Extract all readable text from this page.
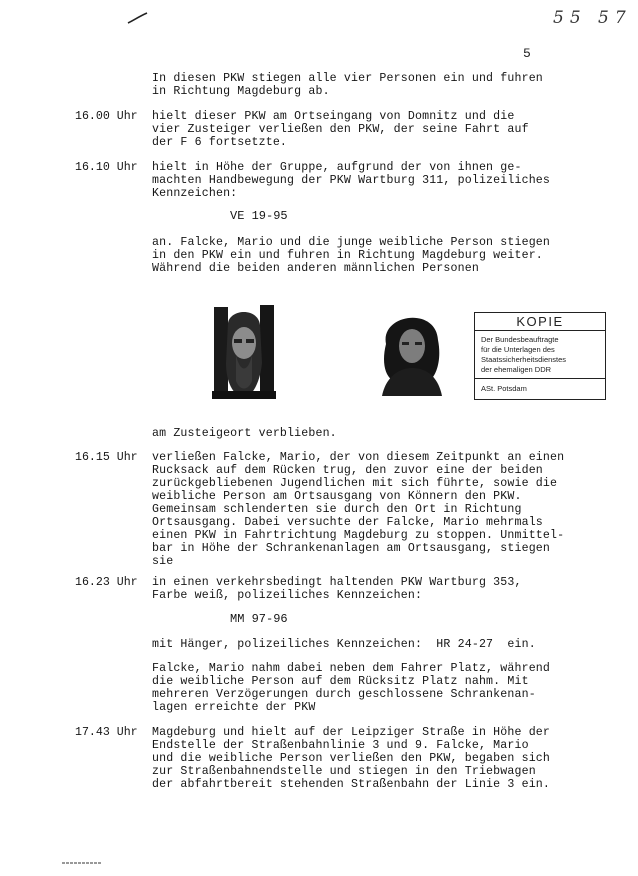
55 57
5
In diesen PKW stiegen alle vier Personen ein und fuhren
in Richtung Magdeburg ab.
16.00 Uhr hielt dieser PKW am Ortseingang von Domnitz und die
vier Zusteiger verließen den PKW, der seine Fahrt auf
der F 6 fortsetzte.
16.10 Uhr hielt in Höhe der Gruppe, aufgrund der von ihnen ge-
machten Handbewegung der PKW Wartburg 311, polizeiliches
Kennzeichen:
VE 19-95
an. Falcke, Mario und die junge weibliche Person stiegen
in den PKW ein und fuhren in Richtung Magdeburg weiter.
Während die beiden anderen männlichen Personen
KOPIE
Der Bundesbeauftragte
für die Unterlagen des
Staatssicherheitsdienstes
der ehemaligen DDR
ASt. Potsdam
am Zusteigeort verblieben.
16.15 Uhr verließen Falcke, Mario, der von diesem Zeitpunkt an einen
Rucksack auf dem Rücken trug, den zuvor eine der beiden
zurückgebliebenen Jugendlichen mit sich führte, sowie die
weibliche Person am Ortsausgang von Könnern den PKW.
Gemeinsam schlenderten sie durch den Ort in Richtung
Ortsausgang. Dabei versuchte der Falcke, Mario mehrmals
einen PKW in Fahrtrichtung Magdeburg zu stoppen. Unmittel-
bar in Höhe der Schrankenanlagen am Ortsausgang, stiegen
sie
16.23 Uhr in einen verkehrsbedingt haltenden PKW Wartburg 353,
Farbe weiß, polizeiliches Kennzeichen:
MM 97-96
mit Hänger, polizeiliches Kennzeichen:  HR 24-27  ein.
Falcke, Mario nahm dabei neben dem Fahrer Platz, während
die weibliche Person auf dem Rücksitz Platz nahm. Mit
mehreren Verzögerungen durch geschlossene Schrankenan-
lagen erreichte der PKW
17.43 Uhr Magdeburg und hielt auf der Leipziger Straße in Höhe der
Endstelle der Straßenbahnlinie 3 und 9. Falcke, Mario
und die weibliche Person verließen den PKW, begaben sich
zur Straßenbahnendstelle und stiegen in den Triebwagen
der abfahrtbereit stehenden Straßenbahn der Linie 3 ein.
